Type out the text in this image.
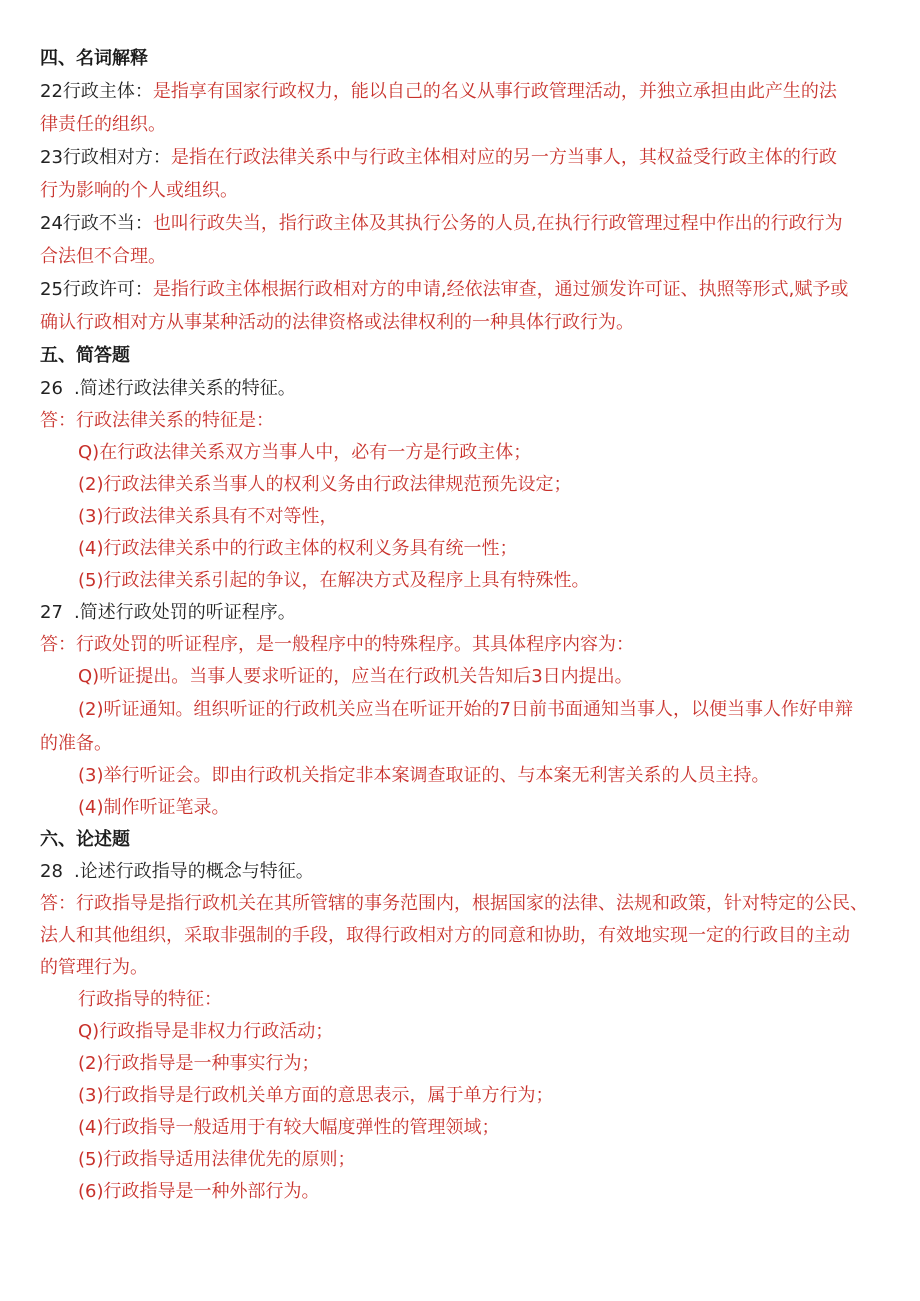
四、名词解释
22行政主体：是指享有国家行政权力，能以自己的名义从事行政管理活动，并独立承担由此产生的法
律责任的组织。
23行政相对方：是指在行政法律关系中与行政主体相对应的另一方当事人，其权益受行政主体的行政
行为影响的个人或组织。
24行政不当：也叫行政失当，指行政主体及其执行公务的人员,在执行行政管理过程中作出的行政行为
合法但不合理。
25行政许可：是指行政主体根据行政相对方的申请,经依法审查，通过颁发许可证、执照等形式,赋予或
确认行政相对方从事某种活动的法律资格或法律权利的一种具体行政行为。
五、简答题
26 .简述行政法律关系的特征。
答：行政法律关系的特征是：
Q)在行政法律关系双方当事人中，必有一方是行政主体；
(2)行政法律关系当事人的权利义务由行政法律规范预先设定；
(3)行政法律关系具有不对等性，
(4)行政法律关系中的行政主体的权利义务具有统一性；
(5)行政法律关系引起的争议，在解决方式及程序上具有特殊性。
27 .简述行政处罚的听证程序。
答：行政处罚的听证程序，是一般程序中的特殊程序。其具体程序内容为：
Q)听证提出。当事人要求听证的，应当在行政机关告知后3日内提出。
(2)听证通知。组织听证的行政机关应当在听证开始的7日前书面通知当事人，以便当事人作好申辩
的准备。
(3)举行听证会。即由行政机关指定非本案调查取证的、与本案无利害关系的人员主持。
(4)制作听证笔录。
六、论述题
28 .论述行政指导的概念与特征。
答：行政指导是指行政机关在其所管辖的事务范围内，根据国家的法律、法规和政策，针对特定的公民、
法人和其他组织，采取非强制的手段，取得行政相对方的同意和协助，有效地实现一定的行政目的主动
的管理行为。
行政指导的特征：
Q)行政指导是非权力行政活动；
(2)行政指导是一种事实行为；
(3)行政指导是行政机关单方面的意思表示，属于单方行为；
(4)行政指导一般适用于有较大幅度弹性的管理领域；
(5)行政指导适用法律优先的原则；
(6)行政指导是一种外部行为。
